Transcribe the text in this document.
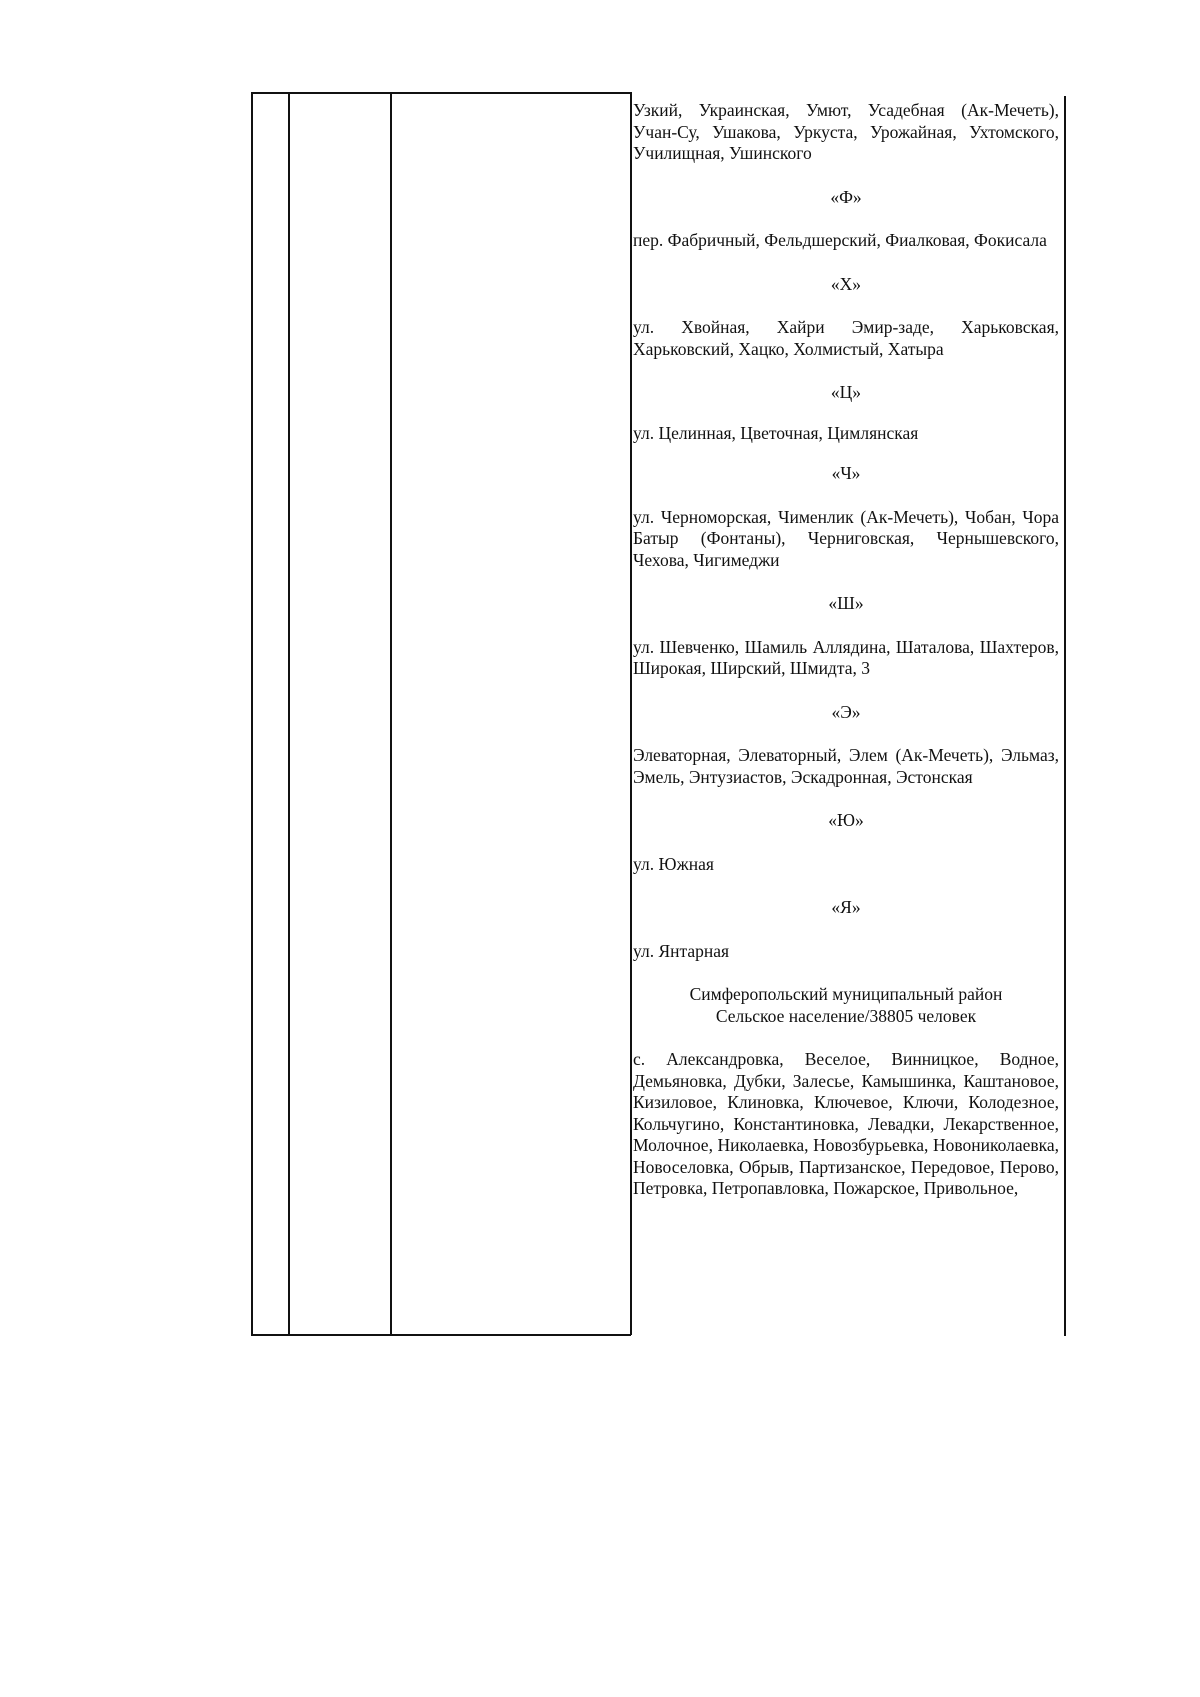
Узкий, Украинская, Умют, Усадебная (Ак-Мечеть), Учан-Су, Ушакова, Уркуста, Урожайная, Ухтомского, Училищная, Ушинского

«Ф»

пер. Фабричный, Фельдшерский, Фиалковая, Фокисала

«Х»

ул. Хвойная, Хайри Эмир-заде, Харьковская, Харьковский, Хацко, Холмистый, Хатыра

«Ц»

ул. Целинная, Цветочная, Цимлянская

«Ч»

ул. Черноморская, Чименлик (Ак-Мечеть), Чобан, Чора Батыр (Фонтаны), Черниговская, Чернышевского, Чехова, Чигимеджи

«Ш»

ул. Шевченко, Шамиль Аллядина, Шаталова, Шахтеров, Широкая, Ширский, Шмидта, 3

«Э»

Элеваторная, Элеваторный, Элем (Ак-Мечеть), Эльмаз, Эмель, Энтузиастов, Эскадронная, Эстонская

«Ю»

ул. Южная

«Я»

ул. Янтарная

Симферопольский муниципальный район

Сельское население/38805 человек

с. Александровка, Веселое, Винницкое, Водное, Демьяновка, Дубки, Залесье, Камышинка, Каштановое, Кизиловое, Клиновка, Ключевое, Ключи, Колодезное, Кольчугино, Константиновка, Левадки, Лекарственное, Молочное, Николаевка, Новозбурьевка, Новониколаевка, Новоселовка, Обрыв, Партизанское, Передовое, Перово, Петровка, Петропавловка, Пожарское, Привольное,
